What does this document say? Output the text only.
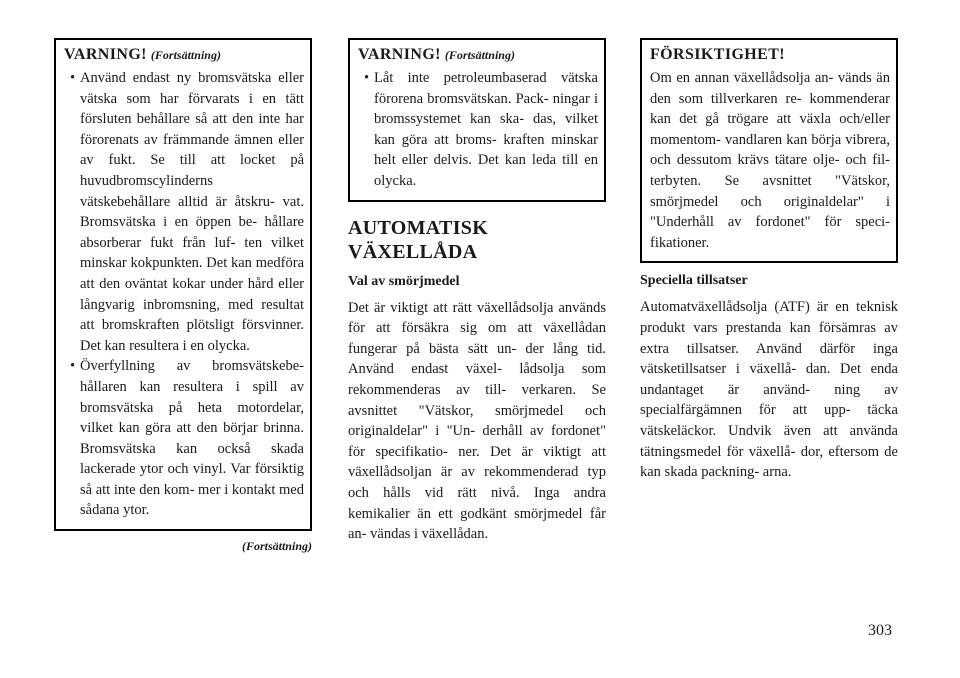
VARNING! (Fortsättning)
• Använd endast ny bromsvätska eller vätska som har förvarats i en tätt försluten behållare så att den inte har förorenats av främmande ämnen eller av fukt. Se till att locket på huvudbromscylinderns vätskebehållare alltid är åtskru- vat. Bromsvätska i en öppen be- hållare absorberar fukt från luf- ten vilket minskar kokpunkten. Det kan medföra att den oväntat kokar under hård eller långvarig inbromsning, med resultat att bromskraften plötsligt försvinner. Det kan resultera i en olycka.
• Överfyllning av bromsvätskebe- hållaren kan resultera i spill av bromsvätska på heta motordelar, vilket kan göra att den börjar brinna. Bromsvätska kan också skada lackerade ytor och vinyl. Var försiktig så att inte den kom- mer i kontakt med sådana ytor.
(Fortsättning)
VARNING! (Fortsättning)
• Låt inte petroleumbaserad vätska förorena bromsvätskan. Pack- ningar i bromssystemet kan ska- das, vilket kan göra att broms- kraften minskar helt eller delvis. Det kan leda till en olycka.
AUTOMATISK
VÄXELLÅDA
Val av smörjmedel

Det är viktigt att rätt växellådsolja används för att försäkra sig om att växellådan fungerar på bästa sätt un- der lång tid. Använd endast växel- lådsolja som rekommenderas av till- verkaren. Se avsnittet "Vätskor, smörjmedel och originaldelar" i "Un- derhåll av fordonet" för specifikatio- ner. Det är viktigt att växellådsoljan är av rekommenderad typ och hålls vid rätt nivå. Inga andra kemikalier än ett godkänt smörjmedel får an- vändas i växellådan.

FÖRSIKTIGHET!

Om en annan växellådsolja an- vänds än den som tillverkaren re- kommenderar kan det gå trögare att växla och/eller momentom- vandlaren kan börja vibrera, och dessutom krävs tätare olje- och fil- terbyten. Se avsnittet "Vätskor, smörjmedel och originaldelar" i "Underhåll av fordonet" för speci- fikationer.

Speciella tillsatser

Automatväxellådsolja (ATF) är en teknisk produkt vars prestanda kan försämras av extra tillsatser. Använd därför inga vätsketillsatser i växellå- dan. Det enda undantaget är använd- ning av specialfärgämnen för att upp- täcka vätskeläckor. Undvik även att använda tätningsmedel för växellå- dor, eftersom de kan skada packning- arna.

303
